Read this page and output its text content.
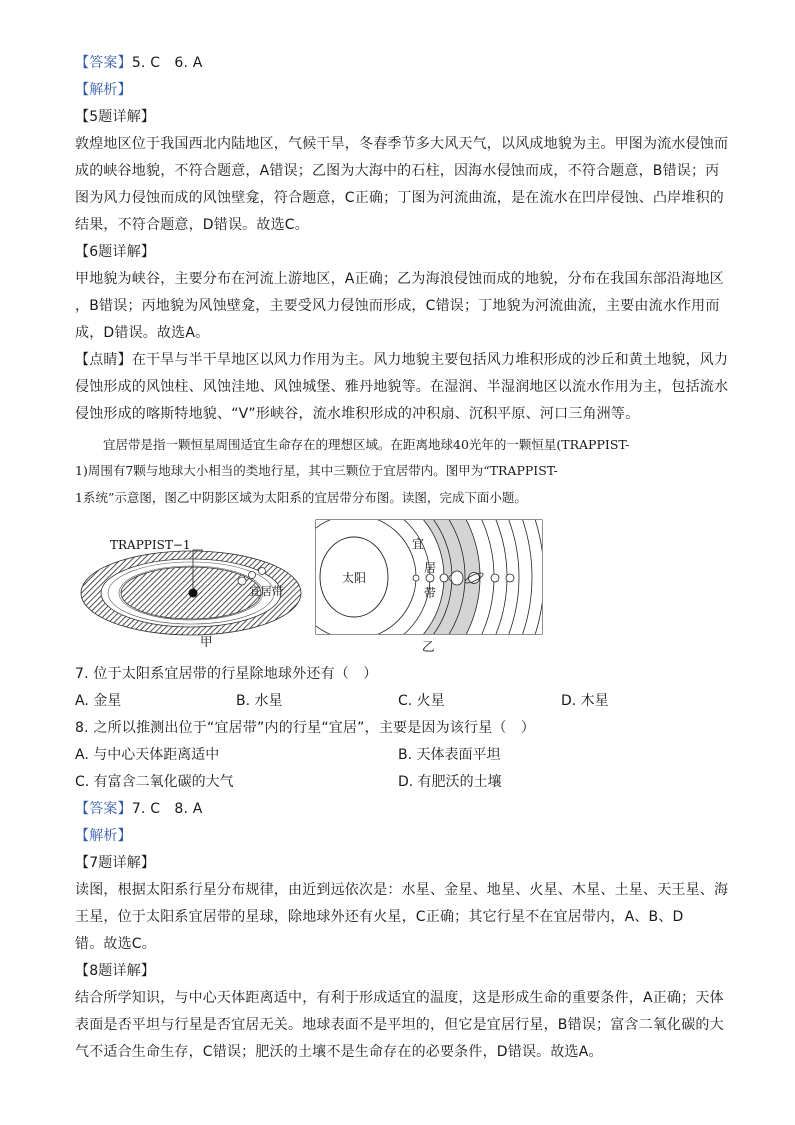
【答案】5. C　6. A
【解析】
【5题详解】
敦煌地区位于我国西北内陆地区，气候干旱，冬春季节多大风天气，以风成地貌为主。甲图为流水侵蚀而
成的峡谷地貌，不符合题意，A错误；乙图为大海中的石柱，因海水侵蚀而成，不符合题意，B错误；丙
图为风力侵蚀而成的风蚀壁龛，符合题意，C正确；丁图为河流曲流，是在流水在凹岸侵蚀、凸岸堆积的
结果，不符合题意，D错误。故选C。
【6题详解】
甲地貌为峡谷，主要分布在河流上游地区，A正确；乙为海浪侵蚀而成的地貌，分布在我国东部沿海地区
，B错误；丙地貌为风蚀壁龛，主要受风力侵蚀而形成，C错误；丁地貌为河流曲流，主要由流水作用而
成，D错误。故选A。
【点睛】在干旱与半干旱地区以风力作用为主。风力地貌主要包括风力堆积形成的沙丘和黄土地貌，风力
侵蚀形成的风蚀柱、风蚀洼地、风蚀城堡、雅丹地貌等。在湿润、半湿润地区以流水作用为主，包括流水
侵蚀形成的喀斯特地貌、“V”形峡谷，流水堆积形成的冲积扇、沉积平原、河口三角洲等。
宜居带是指一颗恒星周围适宜生命存在的理想区域。在距离地球40光年的一颗恒星(TRAPPIST-
1)周围有7颗与地球大小相当的类地行星，其中三颗位于宜居带内。图甲为“TRAPPIST-
1系统”示意图，图乙中阴影区域为太阳系的宜居带分布图。读图，完成下面小题。
TRAPPIST−1
宜居带
甲
太阳
宜
居
带
乙
7. 位于太阳系宜居带的行星除地球外还有（　）
A. 金星	B. 水星	C. 火星	D. 木星
8. 之所以推测出位于“宜居带”内的行星“宜居”，主要是因为该行星（　）
A. 与中心天体距离适中	B. 天体表面平坦
C. 有富含二氧化碳的大气	D. 有肥沃的土壤
【答案】7. C　8. A
【解析】
【7题详解】
读图，根据太阳系行星分布规律，由近到远依次是：水星、金星、地星、火星、木星、土星、天王星、海
王星，位于太阳系宜居带的星球，除地球外还有火星，C正确；其它行星不在宜居带内，A、B、D
错。故选C。
【8题详解】
结合所学知识，与中心天体距离适中，有利于形成适宜的温度，这是形成生命的重要条件，A正确；天体
表面是否平坦与行星是否宜居无关。地球表面不是平坦的，但它是宜居行星，B错误；富含二氧化碳的大
气不适合生命生存，C错误；肥沃的土壤不是生命存在的必要条件，D错误。故选A。
